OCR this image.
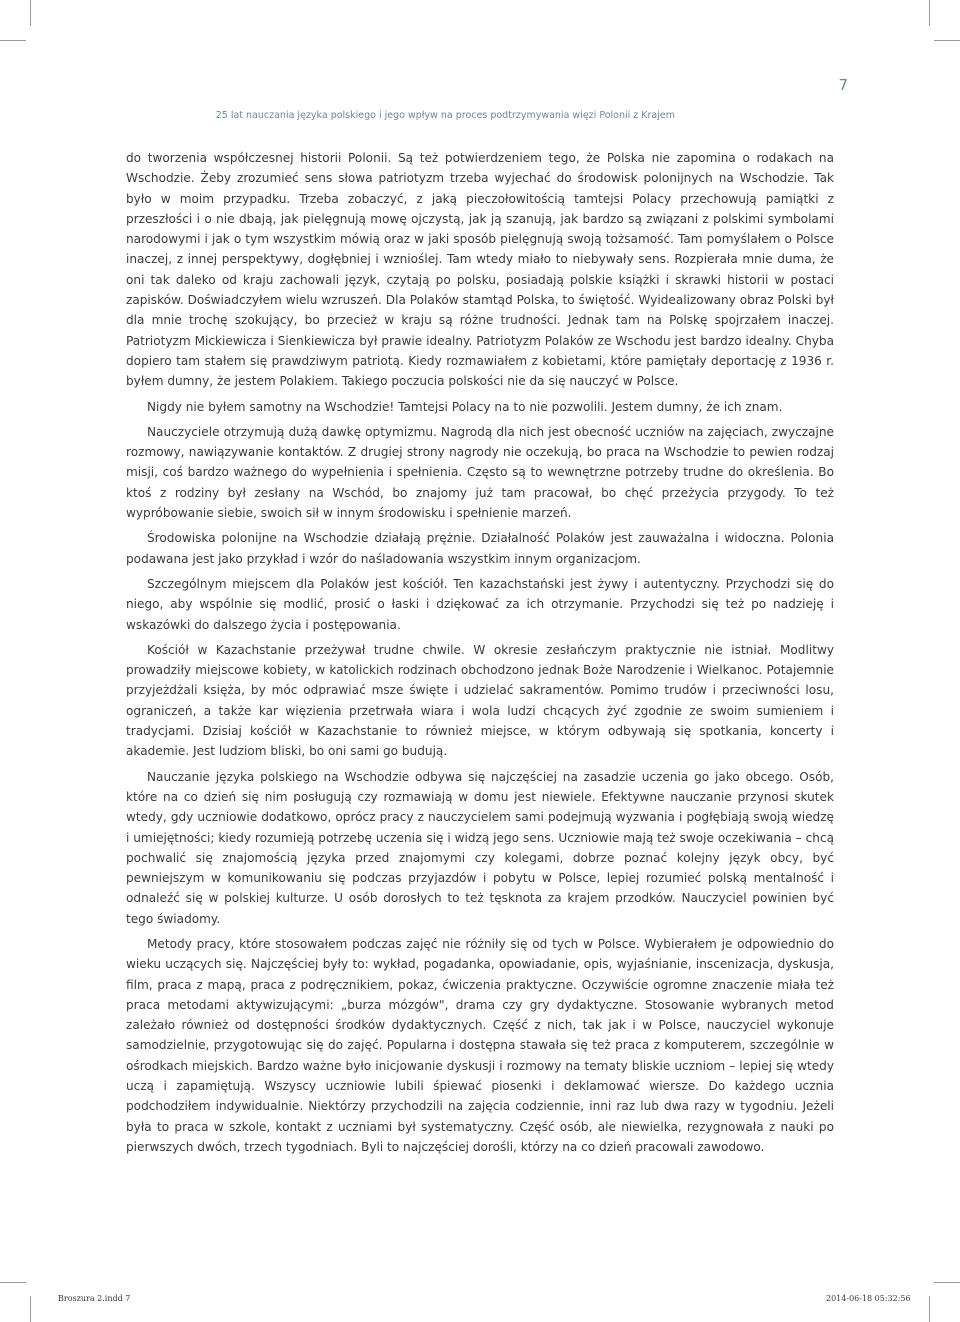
7
25 lat nauczania języka polskiego i jego wpływ na proces podtrzymywania więzi Polonii z Krajem

do tworzenia współczesnej historii Polonii. Są też potwierdzeniem tego, że Polska nie zapomina o rodakach na Wschodzie. Żeby zrozumieć sens słowa patriotyzm trzeba wyjechać do środowisk polonijnych na Wschodzie. Tak było w moim przypadku. Trzeba zobaczyć, z jaką pieczołowitością tamtejsi Polacy przechowują pamiątki z przeszłości i o nie dbają, jak pielęgnują mowę ojczystą, jak ją szanują, jak bardzo są związani z polskimi symbolami narodowymi i jak o tym wszystkim mówią oraz w jaki sposób pielęgnują swoją tożsamość. Tam pomyślałem o Polsce inaczej, z innej perspektywy, dogłębniej i wznioślej. Tam wtedy miało to niebywały sens. Rozpierała mnie duma, że oni tak daleko od kraju zachowali język, czytają po polsku, posiadają polskie książki i skrawki historii w postaci zapisków. Doświadczyłem wielu wzruszeń. Dla Polaków stamtąd Polska, to świętość. Wyidealizowany obraz Polski był dla mnie trochę szokujący, bo przecież w kraju są różne trudności. Jednak tam na Polskę spojrzałem inaczej. Patriotyzm Mickiewicza i Sienkiewicza był prawie idealny. Patriotyzm Polaków ze Wschodu jest bardzo idealny. Chyba dopiero tam stałem się prawdziwym patriotą. Kiedy rozmawiałem z kobietami, które pamiętały deportację z 1936 r. byłem dumny, że jestem Polakiem. Takiego poczucia polskości nie da się nauczyć w Polsce.

Nigdy nie byłem samotny na Wschodzie! Tamtejsi Polacy na to nie pozwolili. Jestem dumny, że ich znam.

Nauczyciele otrzymują dużą dawkę optymizmu. Nagrodą dla nich jest obecność uczniów na zajęciach, zwyczajne rozmowy, nawiązywanie kontaktów. Z drugiej strony nagrody nie oczekują, bo praca na Wschodzie to pewien rodzaj misji, coś bardzo ważnego do wypełnienia i spełnienia. Często są to wewnętrzne potrzeby trudne do określenia. Bo ktoś z rodziny był zesłany na Wschód, bo znajomy już tam pracował, bo chęć przeżycia przygody. To też wypróbowanie siebie, swoich sił w innym środowisku i spełnienie marzeń.

Środowiska polonijne na Wschodzie działają prężnie. Działalność Polaków jest zauważalna i widoczna. Polonia podawana jest jako przykład i wzór do naśladowania wszystkim innym organizacjom.

Szczególnym miejscem dla Polaków jest kościół. Ten kazachstański jest żywy i autentyczny. Przychodzi się do niego, aby wspólnie się modlić, prosić o łaski i dziękować za ich otrzymanie. Przychodzi się też po nadzieję i wskazówki do dalszego życia i postępowania.

Kościół w Kazachstanie przeżywał trudne chwile. W okresie zesłańczym praktycznie nie istniał. Modlitwy prowadziły miejscowe kobiety, w katolickich rodzinach obchodzono jednak Boże Narodzenie i Wielkanoc. Potajemnie przyjeżdżali księża, by móc odprawiać msze święte i udzielać sakramentów. Pomimo trudów i przeciwności losu, ograniczeń, a także kar więzienia przetrwała wiara i wola ludzi chcących żyć zgodnie ze swoim sumieniem i tradycjami. Dzisiaj kościół w Kazachstanie to również miejsce, w którym odbywają się spotkania, koncerty i akademie. Jest ludziom bliski, bo oni sami go budują.

Nauczanie języka polskiego na Wschodzie odbywa się najczęściej na zasadzie uczenia go jako obcego. Osób, które na co dzień się nim posługują czy rozmawiają w domu jest niewiele. Efektywne nauczanie przynosi skutek wtedy, gdy uczniowie dodatkowo, oprócz pracy z nauczycielem sami podejmują wyzwania i pogłębiają swoją wiedzę i umiejętności; kiedy rozumieją potrzebę uczenia się i widzą jego sens. Uczniowie mają też swoje oczekiwania – chcą pochwalić się znajomością języka przed znajomymi czy kolegami, dobrze poznać kolejny język obcy, być pewniejszym w komunikowaniu się podczas przyjazdów i pobytu w Polsce, lepiej rozumieć polską mentalność i odnaleźć się w polskiej kulturze. U osób dorosłych to też tęsknota za krajem przodków. Nauczyciel powinien być tego świadomy.

Metody pracy, które stosowałem podczas zajęć nie różniły się od tych w Polsce. Wybierałem je odpowiednio do wieku uczących się. Najczęściej były to: wykład, pogadanka, opowiadanie, opis, wyjaśnianie, inscenizacja, dyskusja, film, praca z mapą, praca z podręcznikiem, pokaz, ćwiczenia praktyczne. Oczywiście ogromne znaczenie miała też praca metodami aktywizującymi: „burza mózgów", drama czy gry dydaktyczne. Stosowanie wybranych metod zależało również od dostępności środków dydaktycznych. Część z nich, tak jak i w Polsce, nauczyciel wykonuje samodzielnie, przygotowując się do zajęć. Popularna i dostępna stawała się też praca z komputerem, szczególnie w ośrodkach miejskich. Bardzo ważne było inicjowanie dyskusji i rozmowy na tematy bliskie uczniom – lepiej się wtedy uczą i zapamiętują. Wszyscy uczniowie lubili śpiewać piosenki i deklamować wiersze. Do każdego ucznia podchodziłem indywidualnie. Niektórzy przychodzili na zajęcia codziennie, inni raz lub dwa razy w tygodniu. Jeżeli była to praca w szkole, kontakt z uczniami był systematyczny. Część osób, ale niewielka, rezygnowała z nauki po pierwszych dwóch, trzech tygodniach. Byli to najczęściej dorośli, którzy na co dzień pracowali zawodowo.

Broszura 2.indd 7	2014-06-18 05:32:56
